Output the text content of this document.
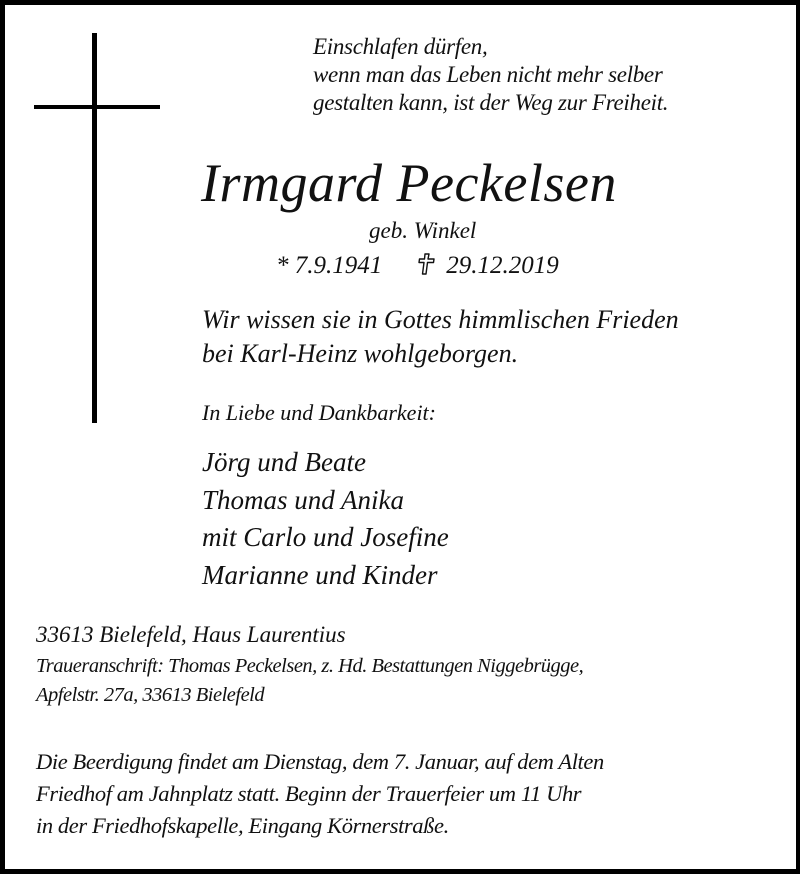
Einschlafen dürfen,
wenn man das Leben nicht mehr selber
gestalten kann, ist der Weg zur Freiheit.
Irmgard Peckelsen
geb. Winkel
* 7.9.1941	29.12.2019
Wir wissen sie in Gottes himmlischen Frieden
bei Karl-Heinz wohlgeborgen.
In Liebe und Dankbarkeit:
Jörg und Beate
Thomas und Anika
mit Carlo und Josefine
Marianne und Kinder
33613 Bielefeld, Haus Laurentius
Traueranschrift: Thomas Peckelsen, z. Hd. Bestattungen Niggebrügge,
Apfelstr. 27a, 33613 Bielefeld
Die Beerdigung findet am Dienstag, dem 7. Januar, auf dem Alten
Friedhof am Jahnplatz statt. Beginn der Trauerfeier um 11 Uhr
in der Friedhofskapelle, Eingang Körnerstraße.
